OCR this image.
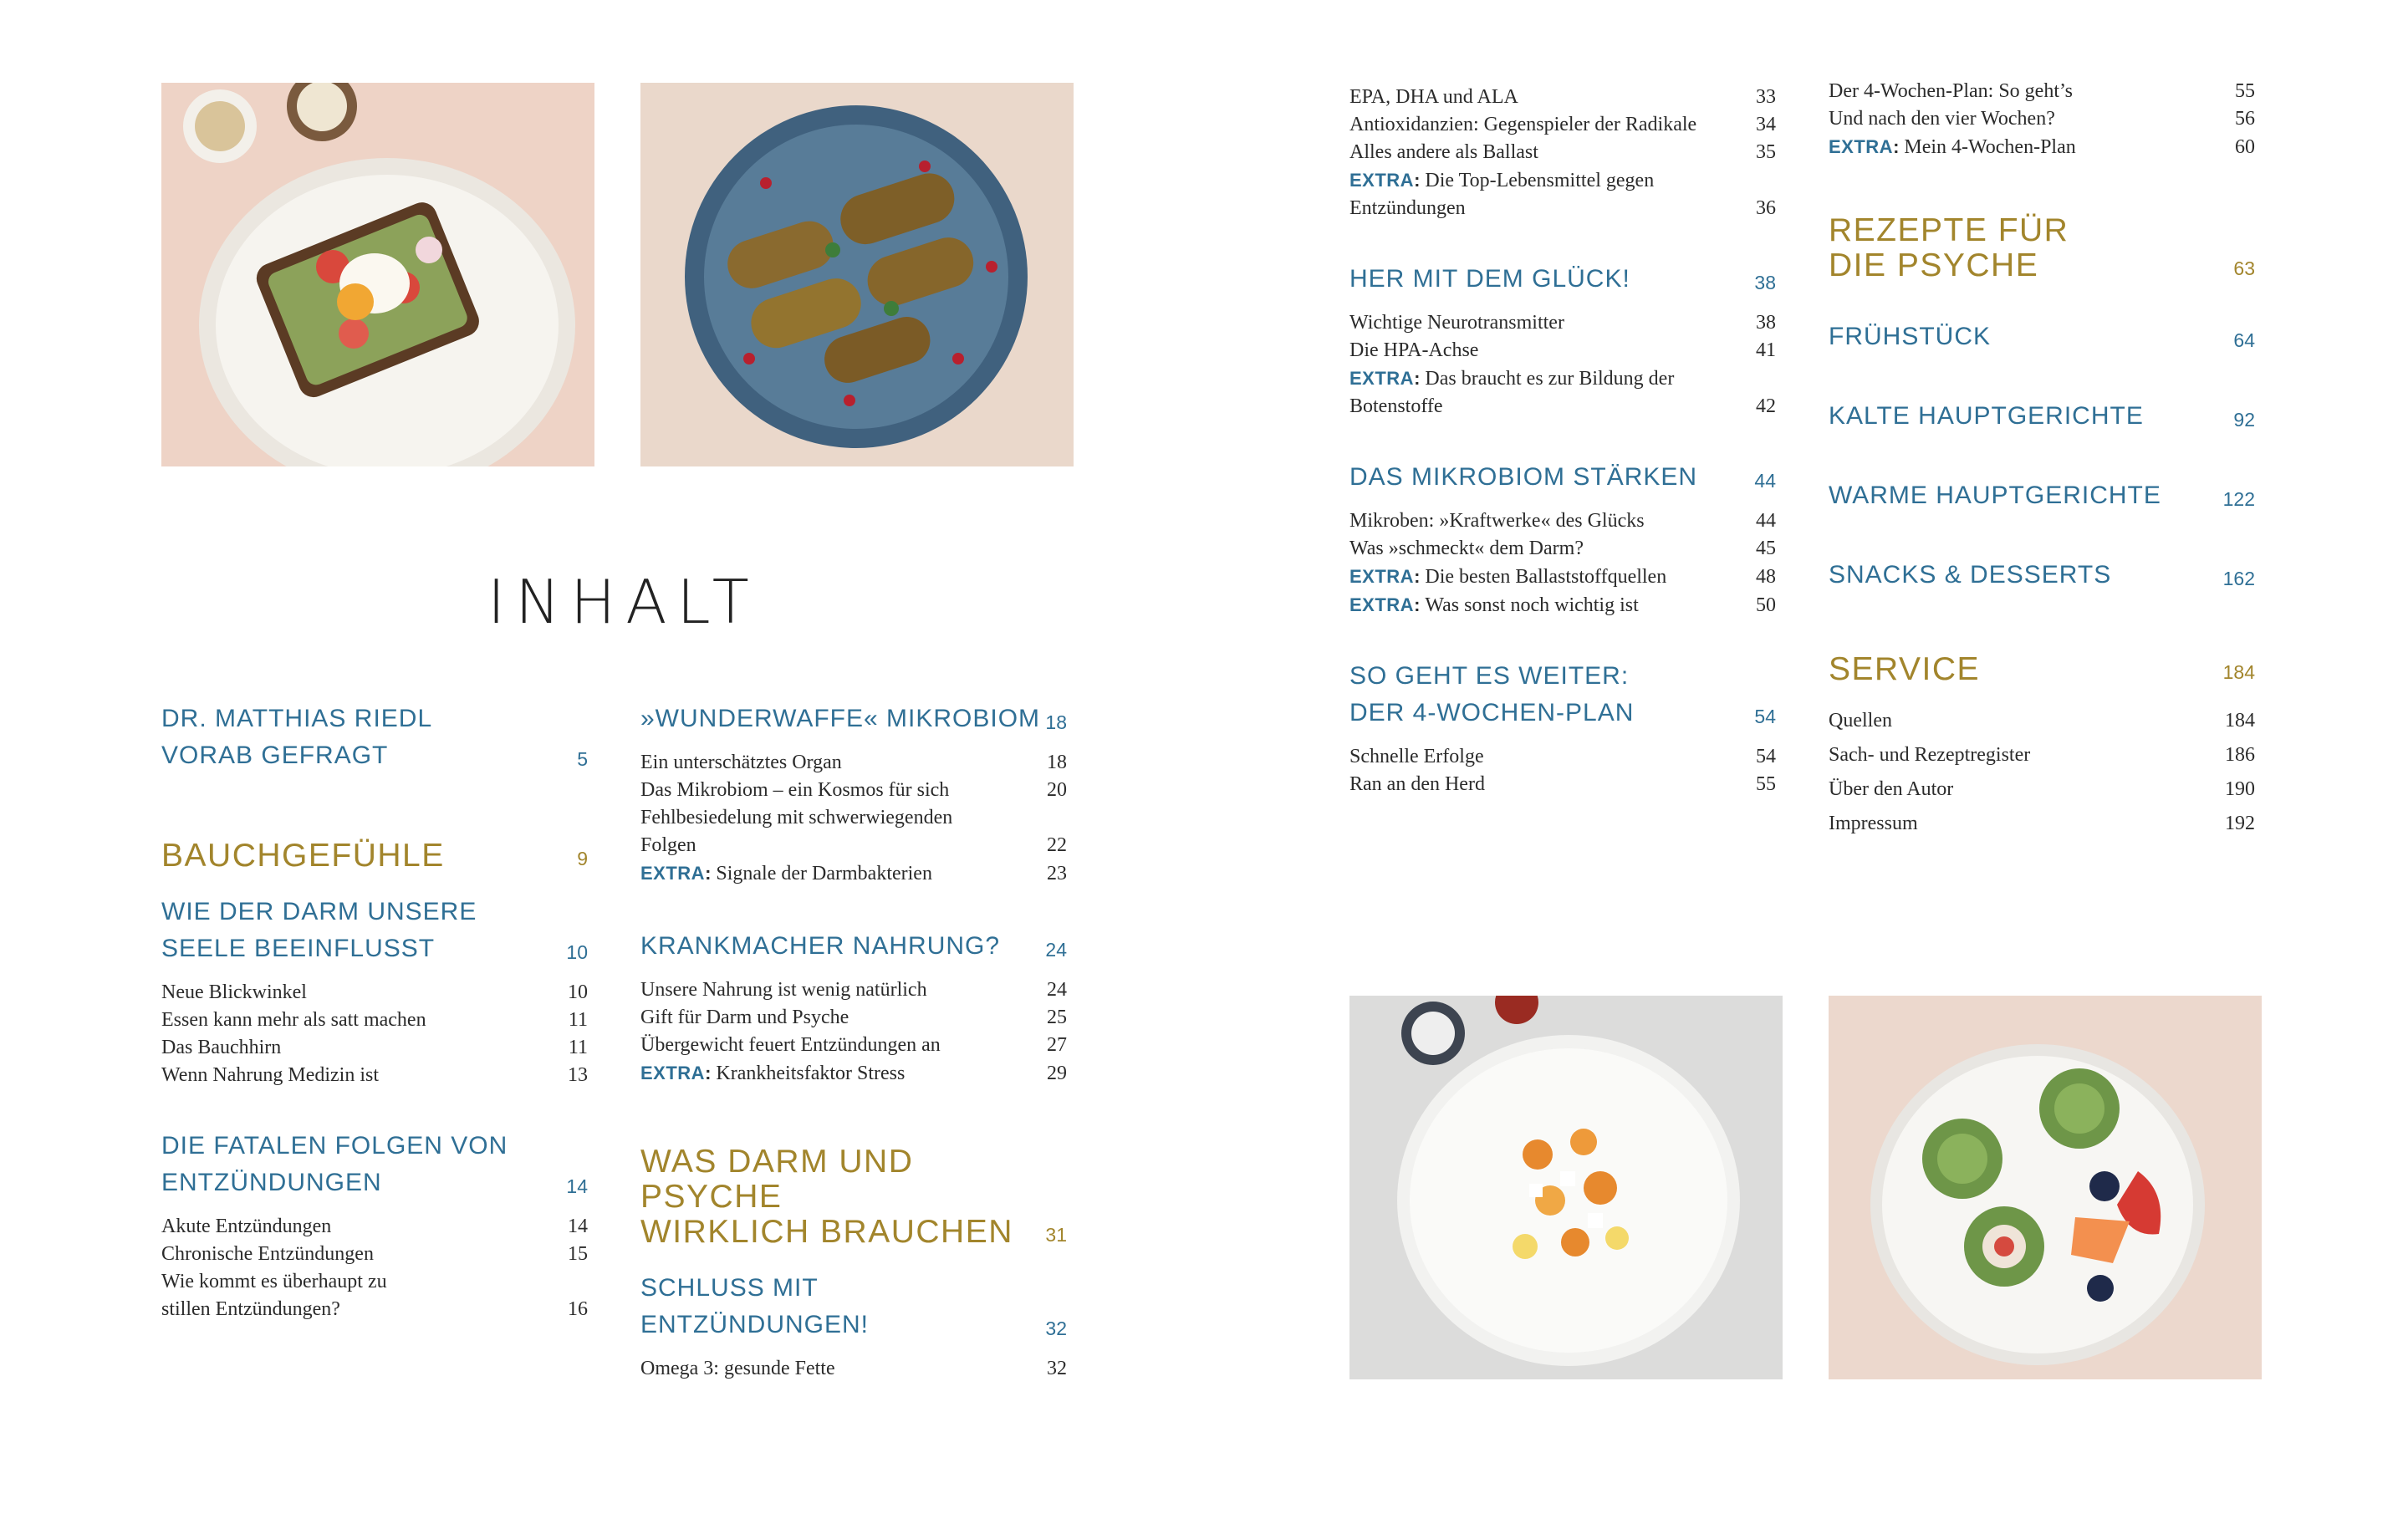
INHALT
DR. MATTHIAS RIEDL
VORAB GEFRAGT	5
BAUCHGEFÜHLE	9
WIE DER DARM UNSERE
SEELE BEEINFLUSST	10
Neue Blickwinkel	10
Essen kann mehr als satt machen	11
Das Bauchhirn	11
Wenn Nahrung Medizin ist	13
DIE FATALEN FOLGEN VON
ENTZÜNDUNGEN	14
Akute Entzündungen	14
Chronische Entzündungen	15
Wie kommt es überhaupt zu stillen Entzündungen?	16
»WUNDERWAFFE« MIKROBIOM 18
Ein unterschätztes Organ	18
Das Mikrobiom – ein Kosmos für sich	20
Fehlbesiedelung mit schwerwiegenden Folgen	22
EXTRA: Signale der Darmbakterien	23
KRANKMACHER NAHRUNG? 24
Unsere Nahrung ist wenig natürlich	24
Gift für Darm und Psyche	25
Übergewicht feuert Entzündungen an	27
EXTRA: Krankheitsfaktor Stress	29
WAS DARM UND PSYCHE
WIRKLICH BRAUCHEN	31
SCHLUSS MIT ENTZÜNDUNGEN!	32
Omega 3: gesunde Fette	32
EPA, DHA und ALA	33
Antioxidanzien: Gegenspieler der Radikale	34
Alles andere als Ballast	35
EXTRA: Die Top-Lebensmittel gegen Entzündungen	36
HER MIT DEM GLÜCK!	38
Wichtige Neurotransmitter	38
Die HPA-Achse	41
EXTRA: Das braucht es zur Bildung der Botenstoffe	42
DAS MIKROBIOM STÄRKEN	44
Mikroben: »Kraftwerke« des Glücks	44
Was »schmeckt« dem Darm?	45
EXTRA: Die besten Ballaststoffquellen	48
EXTRA: Was sonst noch wichtig ist	50
SO GEHT ES WEITER:
DER 4-WOCHEN-PLAN	54
Schnelle Erfolge	54
Ran an den Herd	55
Der 4-Wochen-Plan: So geht’s	55
Und nach den vier Wochen?	56
EXTRA: Mein 4-Wochen-Plan	60
REZEPTE FÜR
DIE PSYCHE	63
FRÜHSTÜCK	64
KALTE HAUPTGERICHTE	92
WARME HAUPTGERICHTE	122
SNACKS & DESSERTS	162
SERVICE	184
Quellen	184
Sach- und Rezeptregister	186
Über den Autor	190
Impressum	192
